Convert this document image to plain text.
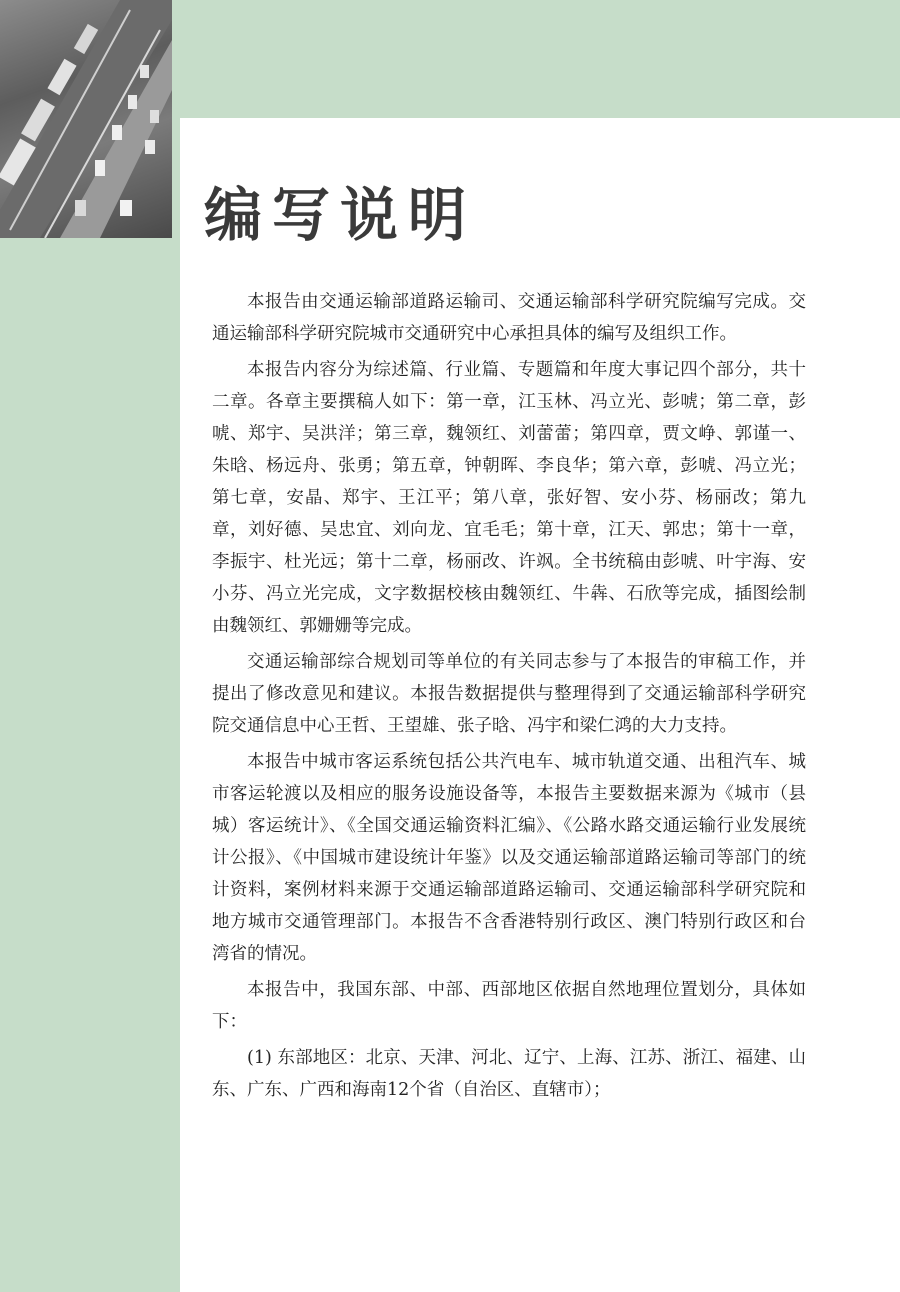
编写说明

本报告由交通运输部道路运输司、交通运输部科学研究院编写完成。交通运输部科学研究院城市交通研究中心承担具体的编写及组织工作。

本报告内容分为综述篇、行业篇、专题篇和年度大事记四个部分，共十二章。各章主要撰稿人如下：第一章，江玉林、冯立光、彭唬；第二章，彭唬、郑宇、吴洪洋；第三章，魏领红、刘蕾蕾；第四章，贾文峥、郭谨一、朱晗、杨远舟、张勇；第五章，钟朝晖、李良华；第六章，彭唬、冯立光；第七章，安晶、郑宇、王江平；第八章，张好智、安小芬、杨丽改；第九章，刘好德、吴忠宜、刘向龙、宜毛毛；第十章，江天、郭忠；第十一章，李振宇、杜光远；第十二章，杨丽改、许飒。全书统稿由彭唬、叶宇海、安小芬、冯立光完成，文字数据校核由魏领红、牛犇、石欣等完成，插图绘制由魏领红、郭姗姗等完成。

交通运输部综合规划司等单位的有关同志参与了本报告的审稿工作，并提出了修改意见和建议。本报告数据提供与整理得到了交通运输部科学研究院交通信息中心王哲、王望雄、张子晗、冯宇和梁仁鸿的大力支持。

本报告中城市客运系统包括公共汽电车、城市轨道交通、出租汽车、城市客运轮渡以及相应的服务设施设备等，本报告主要数据来源为《城市（县城）客运统计》、《全国交通运输资料汇编》、《公路水路交通运输行业发展统计公报》、《中国城市建设统计年鉴》以及交通运输部道路运输司等部门的统计资料，案例材料来源于交通运输部道路运输司、交通运输部科学研究院和地方城市交通管理部门。本报告不含香港特别行政区、澳门特别行政区和台湾省的情况。

本报告中，我国东部、中部、西部地区依据自然地理位置划分，具体如下：

(1) 东部地区：北京、天津、河北、辽宁、上海、江苏、浙江、福建、山东、广东、广西和海南12个省（自治区、直辖市）；
